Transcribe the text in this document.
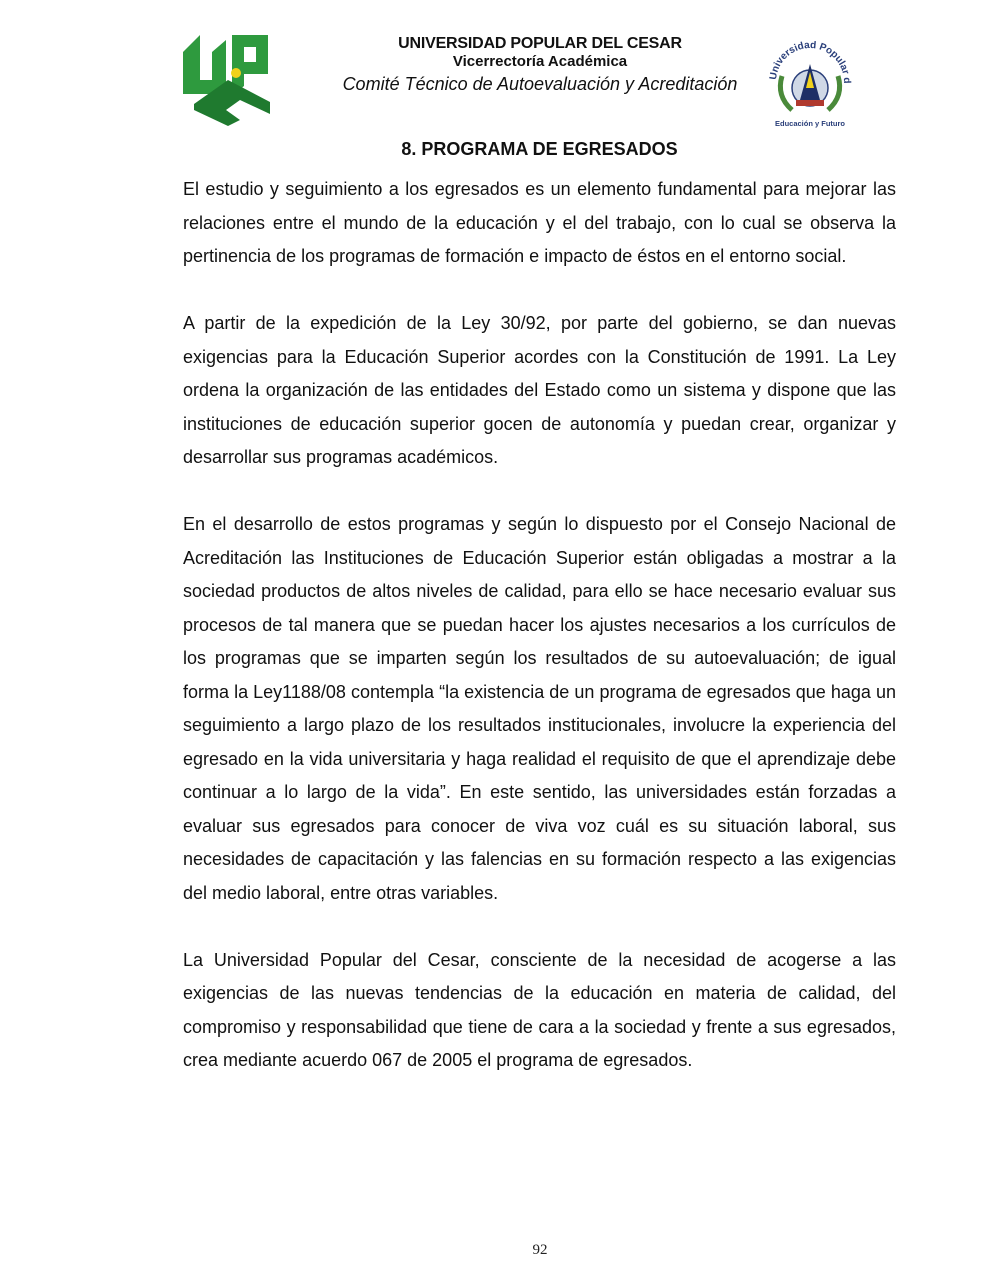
UNIVERSIDAD POPULAR DEL CESAR
Vicerrectoría Académica
Comité Técnico de Autoevaluación y Acreditación	Universidad Popular d
Educación y Futuro
8. PROGRAMA DE EGRESADOS

El estudio y seguimiento a los egresados es un elemento fundamental para mejorar las relaciones entre el mundo de la educación y el del trabajo, con lo cual se observa la pertinencia de los programas de formación e impacto de éstos en el entorno social.

A partir de la expedición de la Ley 30/92, por parte del gobierno, se dan nuevas exigencias para la Educación Superior acordes con la Constitución de 1991. La Ley ordena la organización de las entidades del Estado como un sistema y dispone que las instituciones de educación superior gocen de autonomía y puedan crear, organizar y desarrollar sus programas académicos.

En el desarrollo de estos programas y según lo dispuesto por el Consejo Nacional de Acreditación las Instituciones de Educación Superior están obligadas a mostrar a la sociedad productos de altos niveles de calidad, para ello se hace necesario evaluar sus procesos de tal manera que se puedan hacer los ajustes necesarios a los currículos de los programas que se imparten según los resultados de su autoevaluación; de igual forma la Ley1188/08 contempla “la existencia de un programa de egresados que haga un seguimiento a largo plazo de los resultados institucionales, involucre la experiencia del egresado en la vida universitaria y haga realidad el requisito de que el aprendizaje debe continuar a lo largo de la vida”. En este sentido, las universidades están forzadas a evaluar sus egresados para conocer de viva voz cuál es su situación laboral, sus necesidades de capacitación y las falencias en su formación respecto a las exigencias del medio laboral, entre otras variables.

La Universidad Popular del Cesar, consciente de la necesidad de acogerse a las exigencias de las nuevas tendencias de la educación en materia de calidad, del compromiso y responsabilidad que tiene de cara a la sociedad y frente a sus egresados, crea mediante acuerdo 067 de 2005 el programa de egresados.

92
